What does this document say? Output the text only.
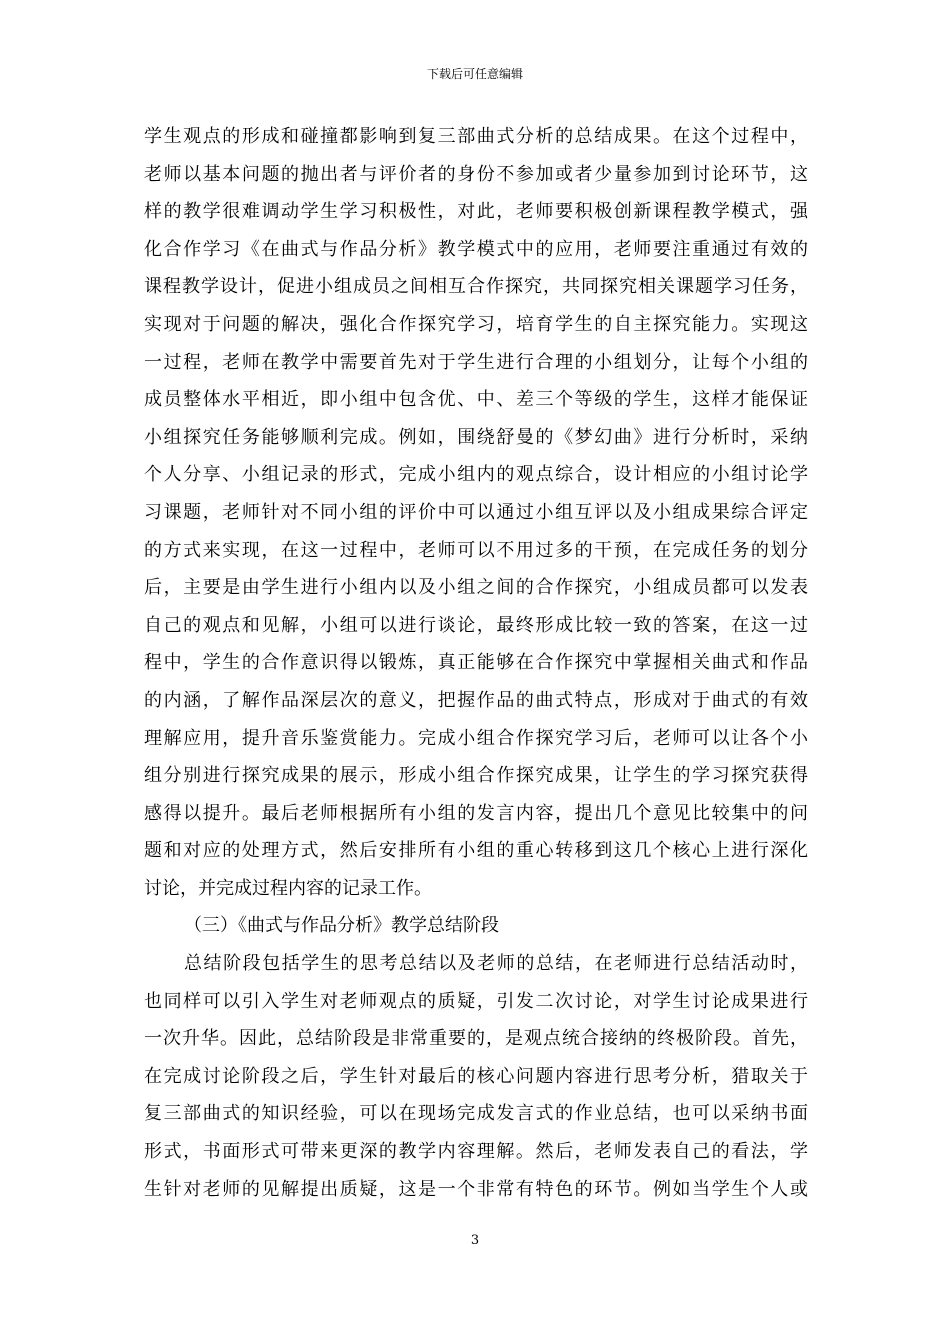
下载后可任意编辑
学生观点的形成和碰撞都影响到复三部曲式分析的总结成果。在这个过程中，
老师以基本问题的抛出者与评价者的身份不参加或者少量参加到讨论环节，这
样的教学很难调动学生学习积极性，对此，老师要积极创新课程教学模式，强
化合作学习《在曲式与作品分析》教学模式中的应用，老师要注重通过有效的
课程教学设计，促进小组成员之间相互合作探究，共同探究相关课题学习任务，
实现对于问题的解决，强化合作探究学习，培育学生的自主探究能力。实现这
一过程，老师在教学中需要首先对于学生进行合理的小组划分，让每个小组的
成员整体水平相近，即小组中包含优、中、差三个等级的学生，这样才能保证
小组探究任务能够顺利完成。例如，围绕舒曼的《梦幻曲》进行分析时，采纳
个人分享、小组记录的形式，完成小组内的观点综合，设计相应的小组讨论学
习课题，老师针对不同小组的评价中可以通过小组互评以及小组成果综合评定
的方式来实现，在这一过程中，老师可以不用过多的干预，在完成任务的划分
后，主要是由学生进行小组内以及小组之间的合作探究，小组成员都可以发表
自己的观点和见解，小组可以进行谈论，最终形成比较一致的答案，在这一过
程中，学生的合作意识得以锻炼，真正能够在合作探究中掌握相关曲式和作品
的内涵，了解作品深层次的意义，把握作品的曲式特点，形成对于曲式的有效
理解应用，提升音乐鉴赏能力。完成小组合作探究学习后，老师可以让各个小
组分别进行探究成果的展示，形成小组合作探究成果，让学生的学习探究获得
感得以提升。最后老师根据所有小组的发言内容，提出几个意见比较集中的问
题和对应的处理方式，然后安排所有小组的重心转移到这几个核心上进行深化
讨论，并完成过程内容的记录工作。
（三）《曲式与作品分析》教学总结阶段
总结阶段包括学生的思考总结以及老师的总结，在老师进行总结活动时，
也同样可以引入学生对老师观点的质疑，引发二次讨论，对学生讨论成果进行
一次升华。因此，总结阶段是非常重要的，是观点统合接纳的终极阶段。首先，
在完成讨论阶段之后，学生针对最后的核心问题内容进行思考分析，猎取关于
复三部曲式的知识经验，可以在现场完成发言式的作业总结，也可以采纳书面
形式，书面形式可带来更深的教学内容理解。然后，老师发表自己的看法，学
生针对老师的见解提出质疑，这是一个非常有特色的环节。例如当学生个人或
3
